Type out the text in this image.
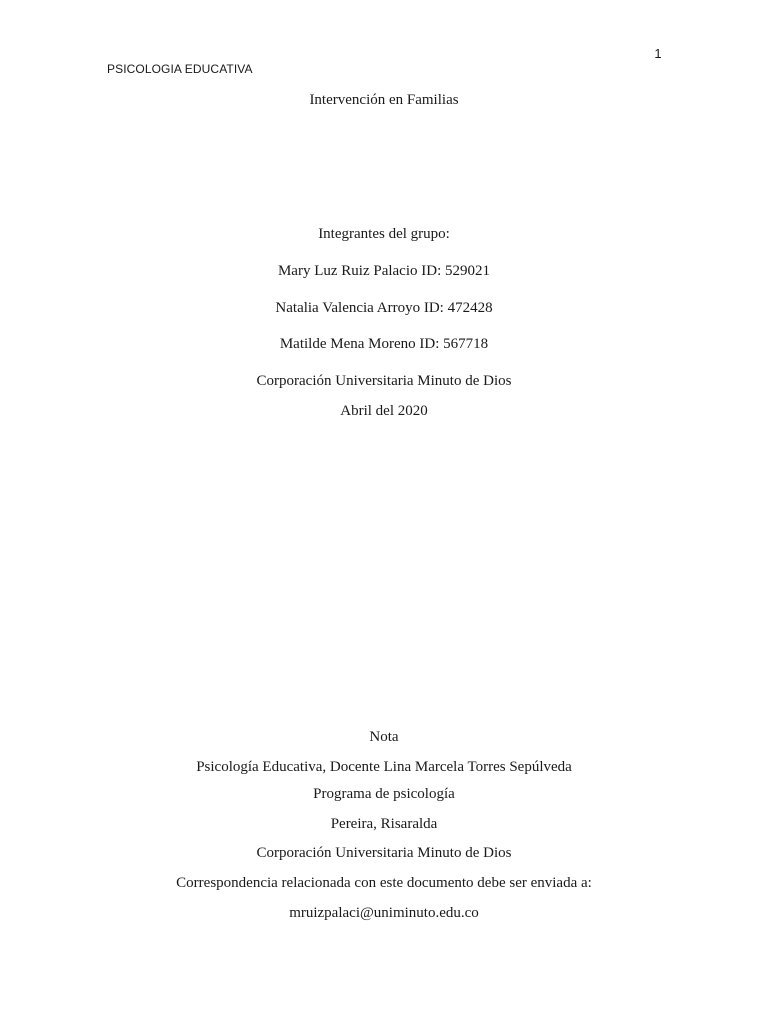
PSICOLOGIA EDUCATIVA
1
Intervención en Familias
Integrantes del grupo:
Mary Luz Ruiz Palacio ID: 529021
Natalia Valencia Arroyo ID: 472428
Matilde Mena Moreno ID: 567718
Corporación Universitaria Minuto de Dios
Abril del 2020
Nota
Psicología Educativa, Docente Lina Marcela Torres Sepúlveda
Programa de psicología
Pereira, Risaralda
Corporación Universitaria Minuto de Dios
Correspondencia relacionada con este documento debe ser enviada a:
mruizpalaci@uniminuto.edu.co
